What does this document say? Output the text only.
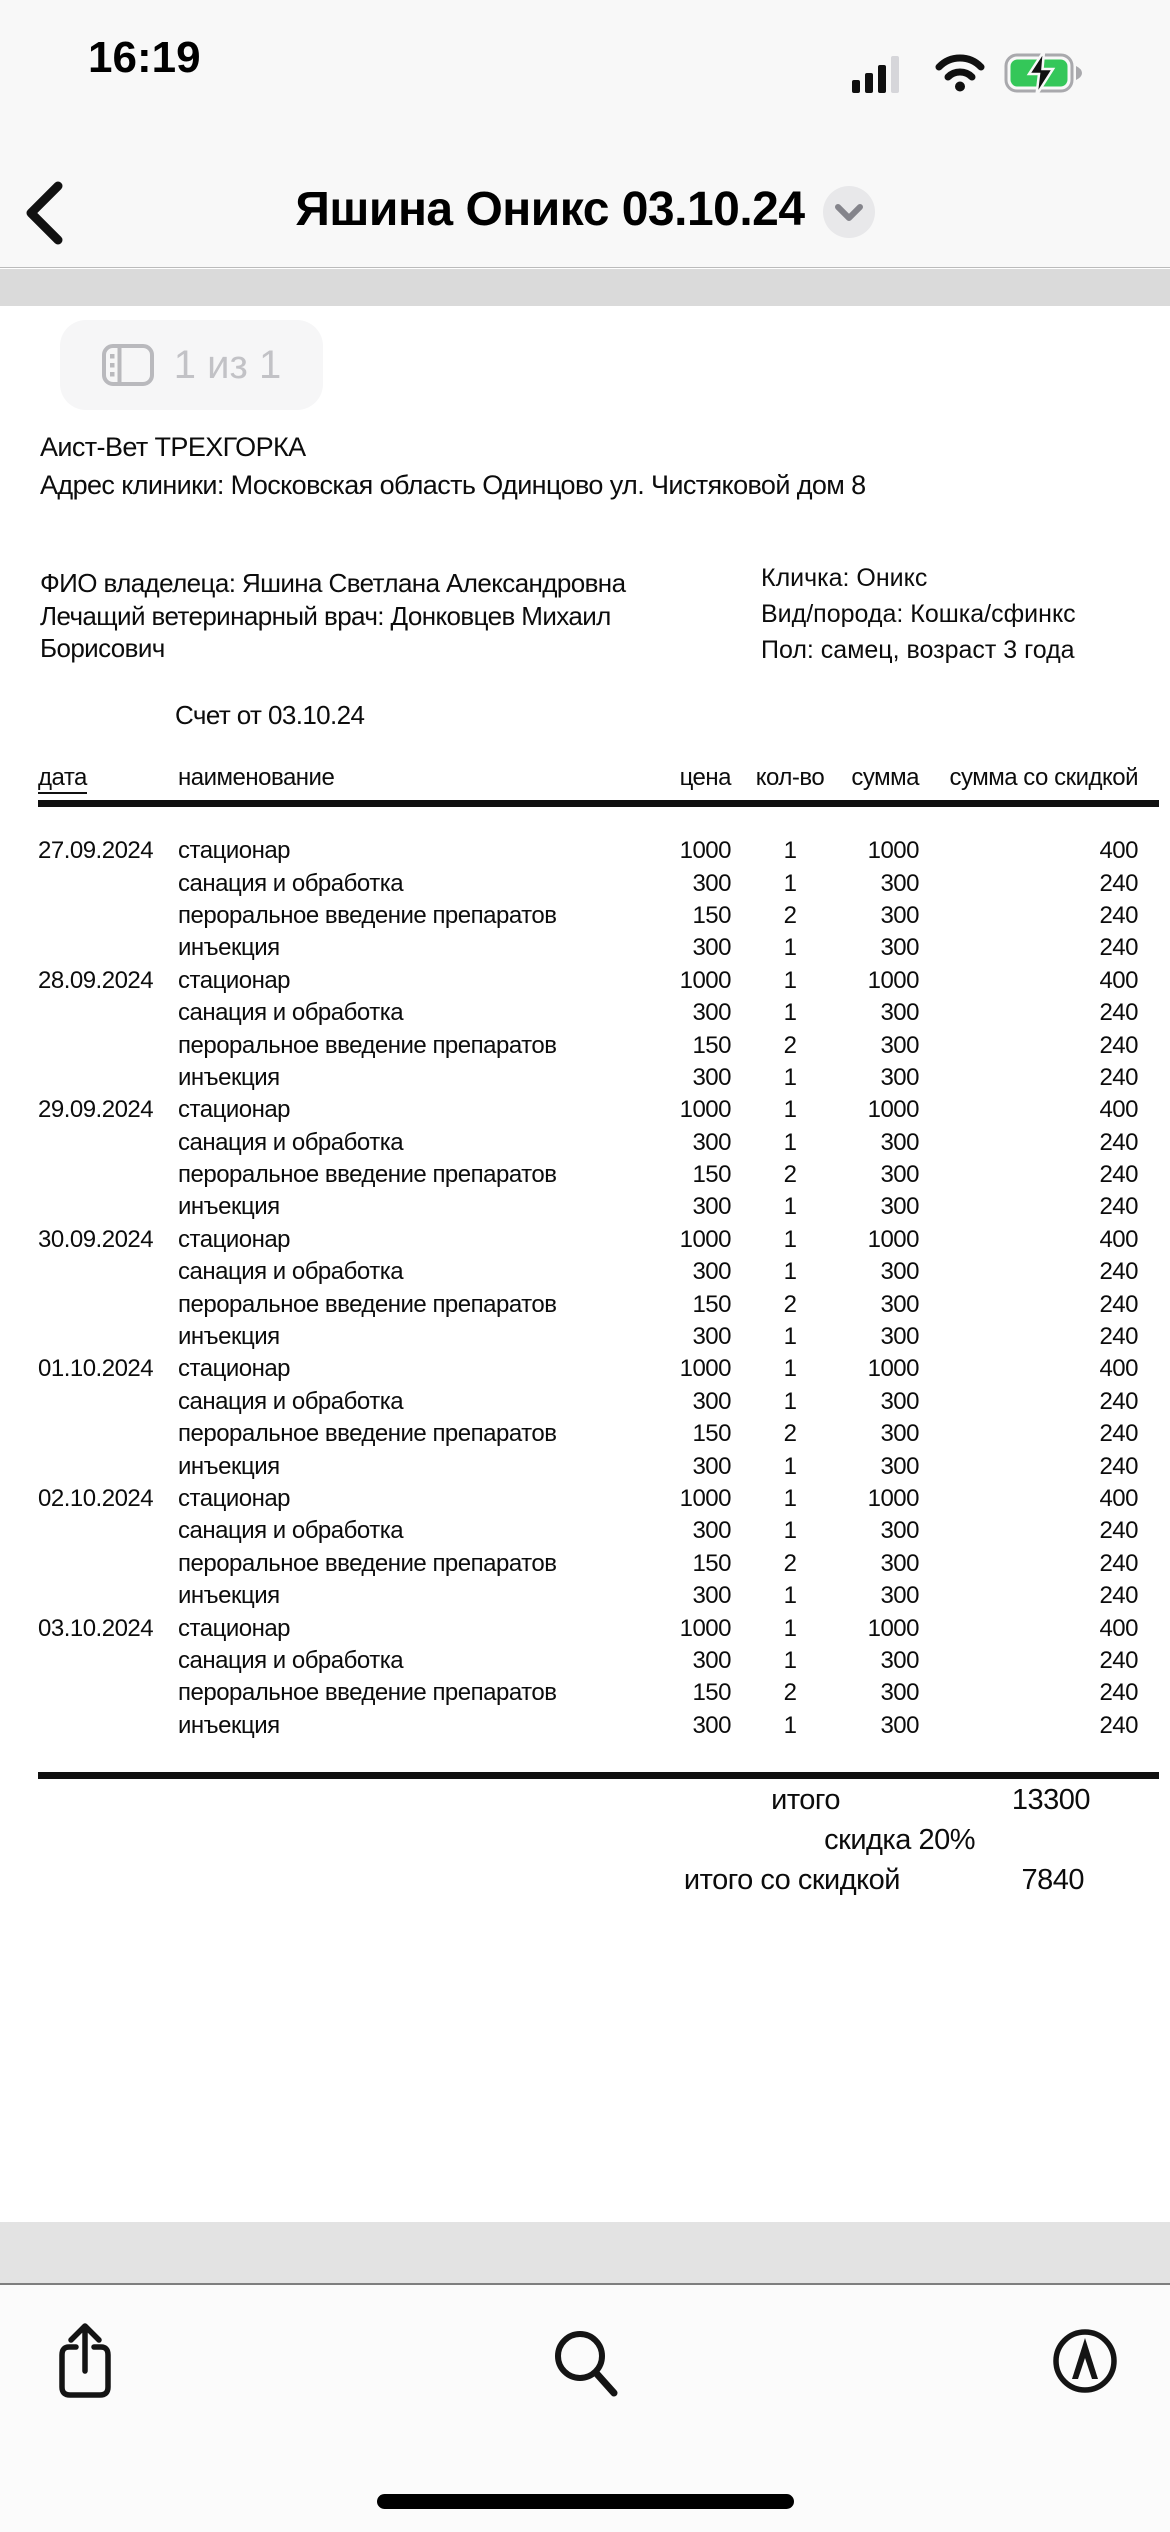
16:19
Яшина Оникс 03.10.24
1 из 1
Аист-Вет ТРЕХГОРКА
Адрес клиники: Московская область Одинцово ул. Чистяковой дом 8
ФИО владелеца: Яшина Светлана Александровна
Лечащий ветеринарный врач: Донковцев Михаил
Борисович
Кличка: Оникс
Вид/порода: Кошка/сфинкс
Пол: самец, возраст 3 года
Счет от 03.10.24
дата	наименование	цена	кол-во	сумма	сумма со скидкой
27.09.2024	стационар	1000	1	1000	400
санация и обработка	300	1	300	240
пероральное введение препаратов	150	2	300	240
инъекция	300	1	300	240
28.09.2024	стационар	1000	1	1000	400
санация и обработка	300	1	300	240
пероральное введение препаратов	150	2	300	240
инъекция	300	1	300	240
29.09.2024	стационар	1000	1	1000	400
санация и обработка	300	1	300	240
пероральное введение препаратов	150	2	300	240
инъекция	300	1	300	240
30.09.2024	стационар	1000	1	1000	400
санация и обработка	300	1	300	240
пероральное введение препаратов	150	2	300	240
инъекция	300	1	300	240
01.10.2024	стационар	1000	1	1000	400
санация и обработка	300	1	300	240
пероральное введение препаратов	150	2	300	240
инъекция	300	1	300	240
02.10.2024	стационар	1000	1	1000	400
санация и обработка	300	1	300	240
пероральное введение препаратов	150	2	300	240
инъекция	300	1	300	240
03.10.2024	стационар	1000	1	1000	400
санация и обработка	300	1	300	240
пероральное введение препаратов	150	2	300	240
инъекция	300	1	300	240
итого	13300
скидка 20%
итого со скидкой	7840
